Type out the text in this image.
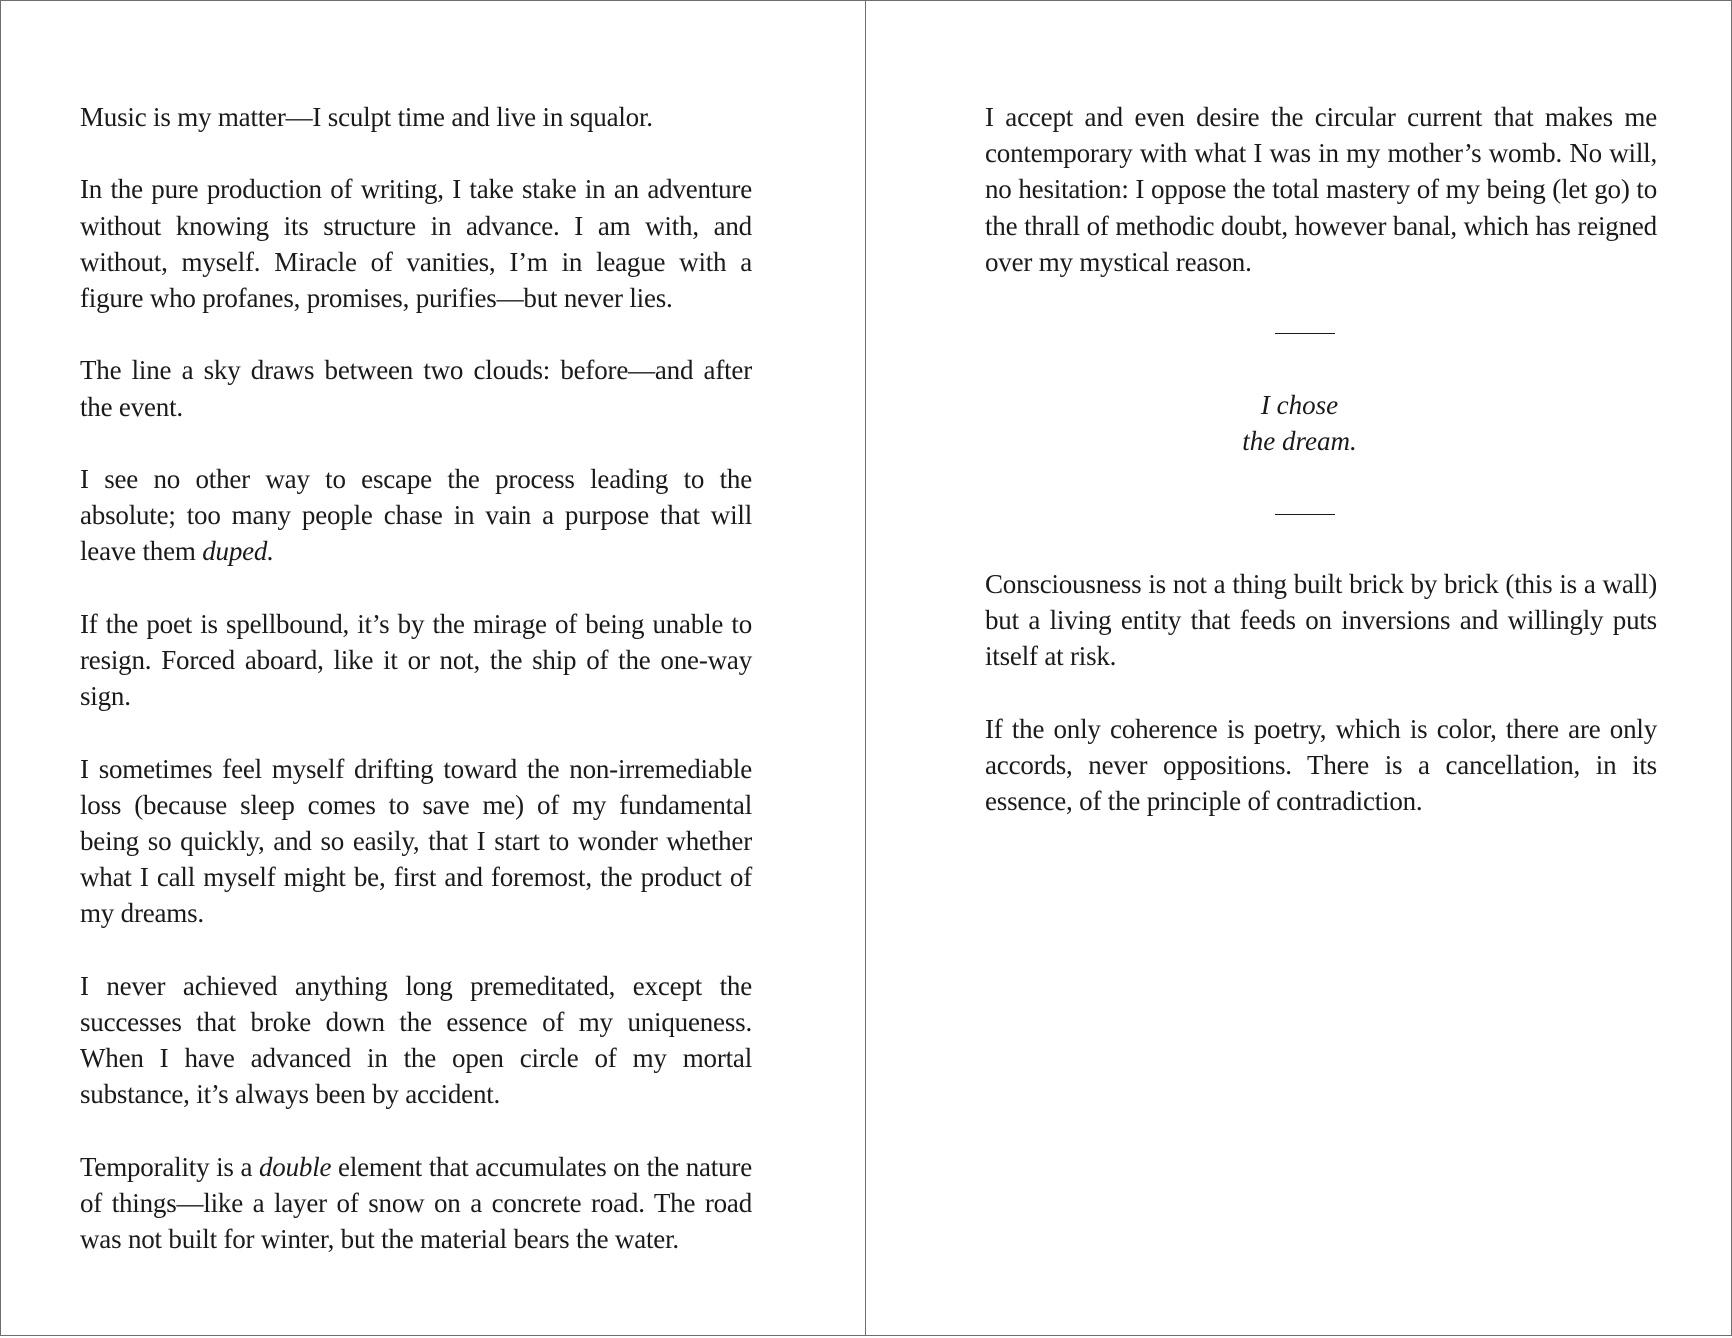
Music is my matter—I sculpt time and live in squalor.

In the pure production of writing, I take stake in an adventure without knowing its structure in advance. I am with, and without, myself. Miracle of vanities, I’m in league with a figure who profanes, promises, purifies—but never lies.

The line a sky draws between two clouds: before—and after the event.

I see no other way to escape the process leading to the absolute; too many people chase in vain a purpose that will leave them duped.

If the poet is spellbound, it’s by the mirage of being unable to resign. Forced aboard, like it or not, the ship of the one-way sign.

I sometimes feel myself drifting toward the non-irremediable loss (because sleep comes to save me) of my fundamental being so quickly, and so easily, that I start to wonder whether what I call myself might be, first and foremost, the product of my dreams.

I never achieved anything long premeditated, except the successes that broke down the essence of my uniqueness. When I have advanced in the open circle of my mortal substance, it’s always been by accident.

Temporality is a double element that accumulates on the nature of things—like a layer of snow on a concrete road. The road was not built for winter, but the material bears the water.

I accept and even desire the circular current that makes me contemporary with what I was in my mother’s womb. No will, no hesitation: I oppose the total mastery of my being (let go) to the thrall of methodic doubt, however banal, which has reigned over my mystical reason.

I chose
the dream.

Consciousness is not a thing built brick by brick (this is a wall) but a living entity that feeds on inversions and willingly puts itself at risk.

If the only coherence is poetry, which is color, there are only accords, never oppositions. There is a cancellation, in its essence, of the principle of contradiction.
